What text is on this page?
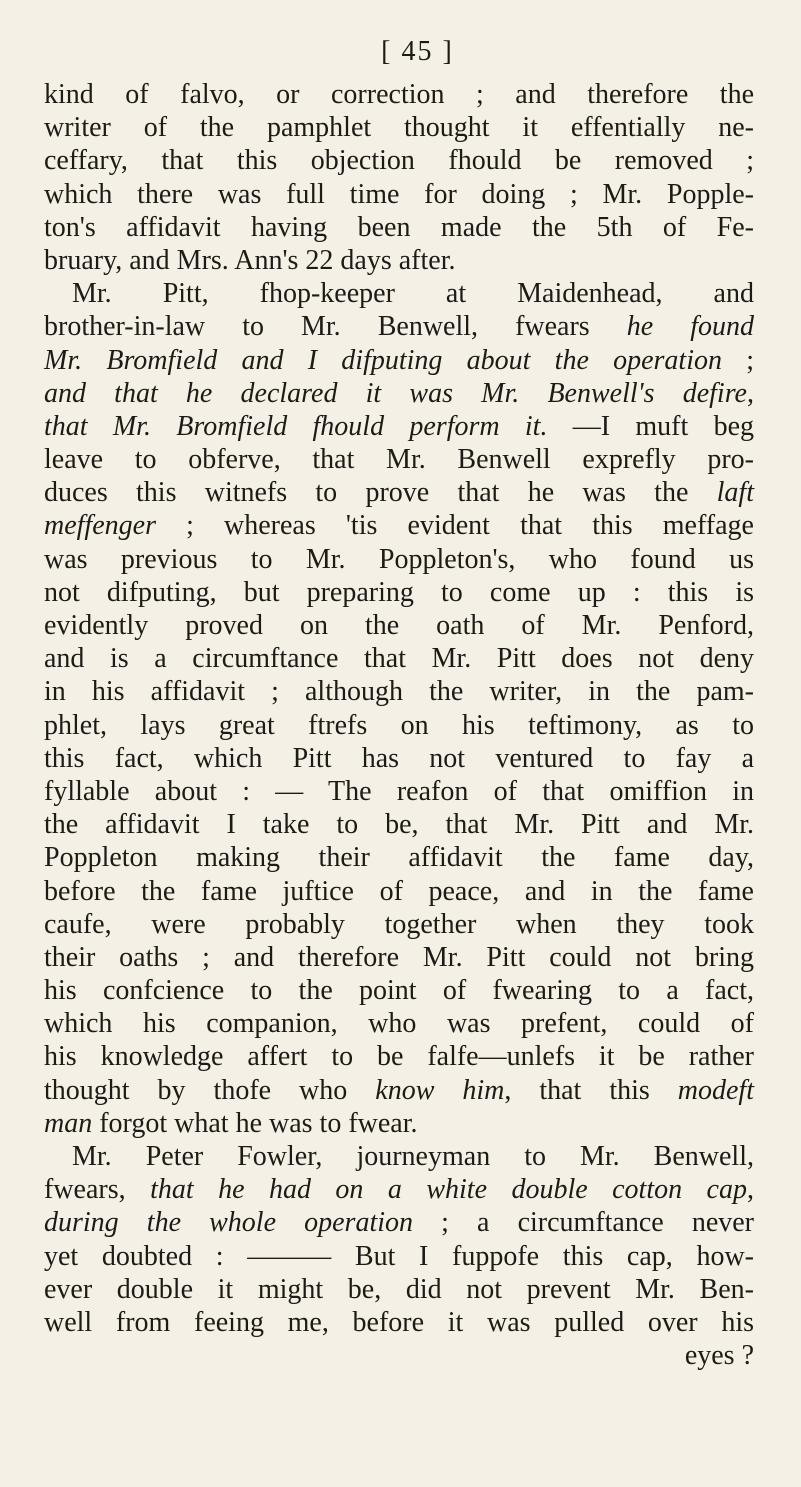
[ 45 ]
kind of falvo, or correction ; and therefore the
writer of the pamphlet thought it effentially ne-
ceffary, that this objection fhould be removed ;
which there was full time for doing ; Mr. Popple-
ton's affidavit having been made the 5th of Fe-
bruary, and Mrs. Ann's 22 days after.
Mr. Pitt, fhop-keeper at Maidenhead, and
brother-in-law to Mr. Benwell, fwears he found
Mr. Bromfield and I difputing about the operation ;
and that he declared it was Mr. Benwell's defire,
that Mr. Bromfield fhould perform it. —I muft beg
leave to obferve, that Mr. Benwell exprefly pro-
duces this witnefs to prove that he was the laft
meffenger ; whereas 'tis evident that this meffage
was previous to Mr. Poppleton's, who found us
not difputing, but preparing to come up : this is
evidently proved on the oath of Mr. Penford,
and is a circumftance that Mr. Pitt does not deny
in his affidavit ; although the writer, in the pam-
phlet, lays great ftrefs on his teftimony, as to
this fact, which Pitt has not ventured to fay a
fyllable about : — The reafon of that omiffion in
the affidavit I take to be, that Mr. Pitt and Mr.
Poppleton making their affidavit the fame day,
before the fame juftice of peace, and in the fame
caufe, were probably together when they took
their oaths ; and therefore Mr. Pitt could not bring
his confcience to the point of fwearing to a fact,
which his companion, who was prefent, could of
his knowledge affert to be falfe—unlefs it be rather
thought by thofe who know him, that this modeft
man forgot what he was to fwear.
Mr. Peter Fowler, journeyman to Mr. Benwell,
fwears, that he had on a white double cotton cap,
during the whole operation ; a circumftance never
yet doubted : ——— But I fuppofe this cap, how-
ever double it might be, did not prevent Mr. Ben-
well from feeing me, before it was pulled over his
eyes ?
